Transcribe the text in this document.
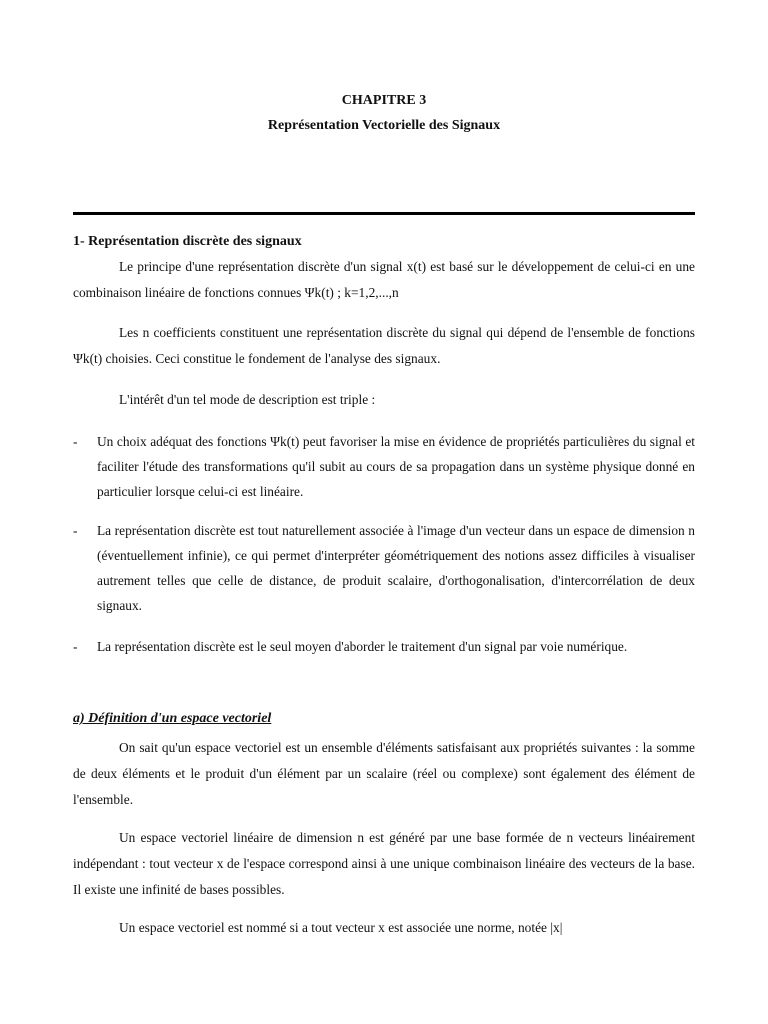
CHAPITRE 3
Représentation Vectorielle des Signaux
1- Représentation discrète des signaux
Le principe d'une représentation discrète d'un signal x(t) est basé sur le développement de celui-ci en une combinaison linéaire de fonctions connues Ψk(t) ; k=1,2,...,n
Les n coefficients constituent une représentation discrète du signal qui dépend de l'ensemble de fonctions Ψk(t) choisies. Ceci constitue le fondement de l'analyse des signaux.
L'intérêt d'un tel mode de description est triple :
- Un choix adéquat des fonctions Ψk(t) peut favoriser la mise en évidence de propriétés particulières du signal et faciliter l'étude des transformations qu'il subit au cours de sa propagation dans un système physique donné en particulier lorsque celui-ci est linéaire.
- La représentation discrète est tout naturellement associée à l'image d'un vecteur dans un espace de dimension n (éventuellement infinie), ce qui permet d'interpréter géométriquement des notions assez difficiles à visualiser autrement telles que celle de distance, de produit scalaire, d'orthogonalisation, d'intercorrélation de deux signaux.
- La représentation discrète est le seul moyen d'aborder le traitement d'un signal par voie numérique.
a) Définition d'un espace vectoriel
On sait qu'un espace vectoriel est un ensemble d'éléments satisfaisant aux propriétés suivantes : la somme de deux éléments et le produit d'un élément par un scalaire (réel ou complexe) sont également des élément de l'ensemble.
Un espace vectoriel linéaire de dimension n est généré par une base formée de n vecteurs linéairement indépendant : tout vecteur x de l'espace correspond ainsi à une unique combinaison linéaire des vecteurs de la base. Il existe une infinité de bases possibles.
Un espace vectoriel est nommé si a tout vecteur x est associée une norme, notée |x|
